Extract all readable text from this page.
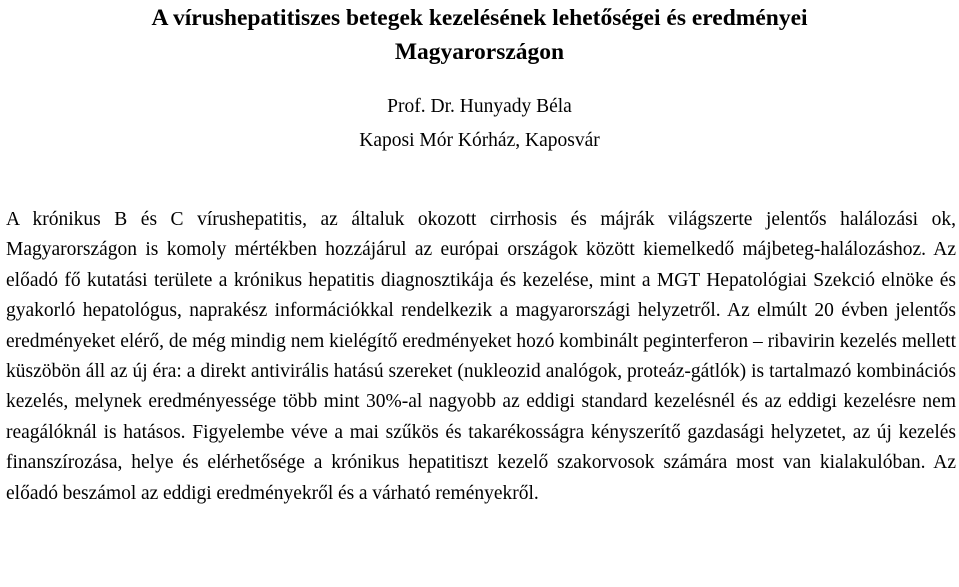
A vírushepatitiszes betegek kezelésének lehetőségei és eredményei
Magyarországon
Prof. Dr. Hunyady Béla
Kaposi Mór Kórház, Kaposvár

A krónikus B és C vírushepatitis, az általuk okozott cirrhosis és májrák világszerte jelentős halálozási ok, Magyarországon is komoly mértékben hozzájárul az európai országok között kiemelkedő májbeteg-halálozáshoz. Az előadó fő kutatási területe a krónikus hepatitis diagnosztikája és kezelése, mint a MGT Hepatológiai Szekció elnöke és gyakorló hepatológus, naprakész információkkal rendelkezik a magyarországi helyzetről. Az elmúlt 20 évben jelentős eredményeket elérő, de még mindig nem kielégítő eredményeket hozó kombinált peginterferon – ribavirin kezelés mellett küszöbön áll az új éra: a direkt antivirális hatású szereket (nukleozid analógok, proteáz-gátlók) is tartalmazó kombinációs kezelés, melynek eredményessége több mint 30%-al nagyobb az eddigi standard kezelésnél és az eddigi kezelésre nem reagálóknál is hatásos. Figyelembe véve a mai szűkös és takarékosságra kényszerítő gazdasági helyzetet, az új kezelés finanszírozása, helye és elérhetősége a krónikus hepatitiszt kezelő szakorvosok számára most van kialakulóban. Az előadó beszámol az eddigi eredményekről és a várható reményekről.
